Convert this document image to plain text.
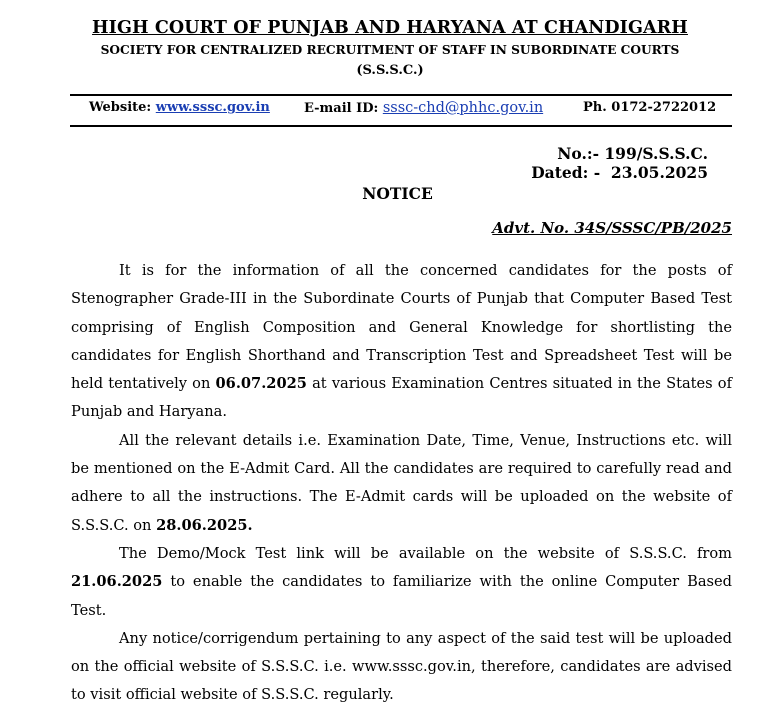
HIGH COURT OF PUNJAB AND HARYANA AT CHANDIGARH
SOCIETY FOR CENTRALIZED RECRUITMENT OF STAFF IN SUBORDINATE COURTS
(S.S.S.C.)
Website: www.sssc.gov.in	E-mail ID: sssc-chd@phhc.gov.in	Ph. 0172-2722012
No.:- 199/S.S.S.C.
Dated: -  23.05.2025
NOTICE
Advt. No. 34S/SSSC/PB/2025

It is for the information of all the concerned candidates for the posts of Stenographer Grade-III in the Subordinate Courts of Punjab that Computer Based Test comprising of English Composition and General Knowledge for shortlisting the candidates for English Shorthand and Transcription Test and Spreadsheet Test will be held tentatively on 06.07.2025 at various Examination Centres situated in the States of Punjab and Haryana.

All the relevant details i.e. Examination Date, Time, Venue, Instructions etc. will be mentioned on the E-Admit Card. All the candidates are required to carefully read and adhere to all the instructions. The E-Admit cards will be uploaded on the website of S.S.S.C. on 28.06.2025.

The Demo/Mock Test link will be available on the website of S.S.S.C. from 21.06.2025 to enable the candidates to familiarize with the online Computer Based Test.

Any notice/corrigendum pertaining to any aspect of the said test will be uploaded on the official website of S.S.S.C. i.e. www.sssc.gov.in, therefore, candidates are advised to visit official website of S.S.S.C. regularly.
